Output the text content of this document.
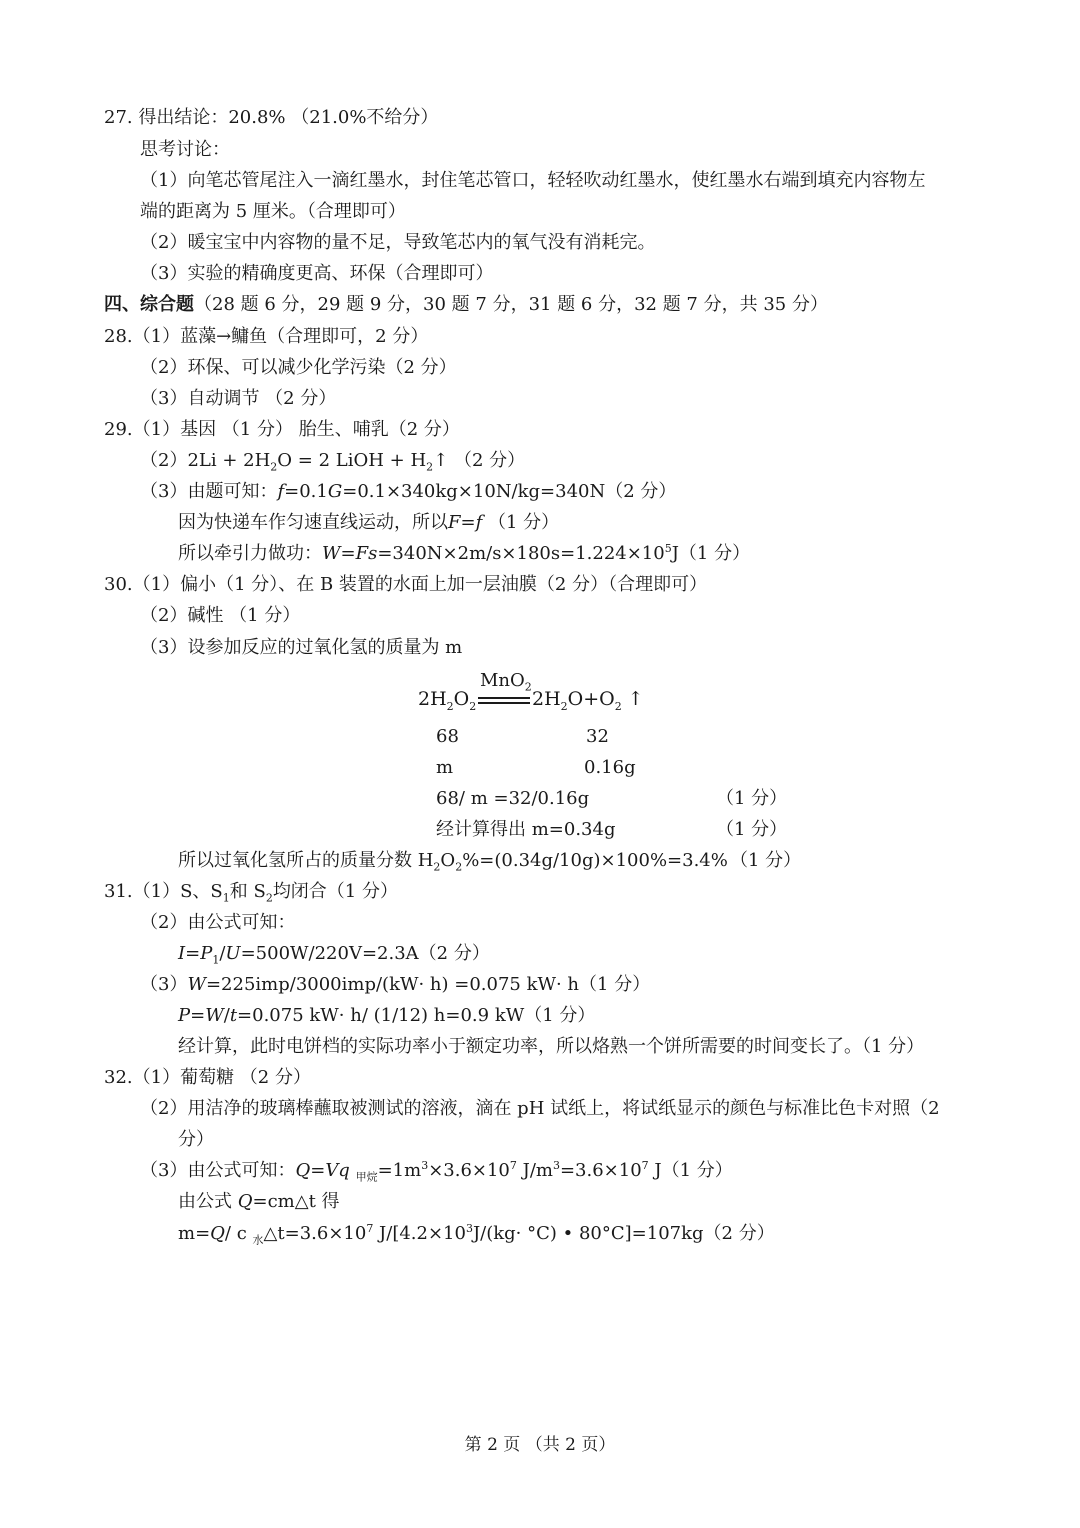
27. 得出结论：20.8% （21.0%不给分）
思考讨论：
（1）向笔芯管尾注入一滴红墨水，封住笔芯管口，轻轻吹动红墨水，使红墨水右端到填充内容物左
端的距离为 5 厘米。（合理即可）
（2）暖宝宝中内容物的量不足，导致笔芯内的氧气没有消耗完。
（3）实验的精确度更高、环保（合理即可）
四、综合题（28 题 6 分，29 题 9 分，30 题 7 分，31 题 6 分，32 题 7 分，共 35 分）
28.（1）蓝藻→鳙鱼（合理即可，2 分）
（2）环保、可以减少化学污染（2 分）
（3）自动调节 （2 分）
29.（1）基因 （1 分） 胎生、哺乳（2 分）
$(2)2Li + 2H_2O = 2$ LiOH + $H_2↑$ （2 分）
（3）由题可知：f=0.1G=0.1×340kg×10N/kg=340N（2 分）
因为快递车作匀速直线运动，所以F=f （1 分）
所以牵引力做功：$W=Fs=340N\times 2m/s\times 180s=1.224\times 10^5J(1$ 分）
30.（1）偏小（1 分）、在 B 装置的水面上加一层油膜（2 分）（合理即可）
（2）碱性 （1 分）
（3）设参加反应的过氧化氢的质量为 m
MnO$_2$
$2H_2O_2$	$2H_2O+O_2$ ↑
68	32
m	0.16g
68/ m =32/0.16g	（1 分）
经计算得出 m=0.34g	（1 分）
所以过氧化氢所占的质量分数 $H_2O_2\%=(0.34g/10g)\times 100\%=3.4\%$ （1 分）
31.（1）S、$S_1$和 $S_2$均闭合（1 分）
（2）由公式可知：
$I=P_1/U=500W/220V=2.3A(2$ 分）
（3）W=225imp/3000imp/(kW· h) =0.075 kW· h（1 分）
P=W/t=0.075 kW· h/ (1/12) h=0.9 kW（1 分）
经计算，此时电饼档的实际功率小于额定功率，所以烙熟一个饼所需要的时间变长了。（1 分）
32.（1）葡萄糖 （2 分）
（2）用洁净的玻璃棒蘸取被测试的溶液，滴在 pH 试纸上，将试纸显示的颜色与标准比色卡对照（2
分）
（3）由公式可知：Q=Vq $_{甲烷}=1m^3\times 3.6\times 10^7$ $J/m^3=3.6\times 10^7$ J（1 分）
由公式 Q=cm△t 得
m=Q/ c $_水\triangle t=3.6\times 10^7$ $J/[4.2\times 10^3J/(kg\cdot ^\circ C)$ • 80°C]=107kg（2 分）
第 2 页 （共 2 页）
